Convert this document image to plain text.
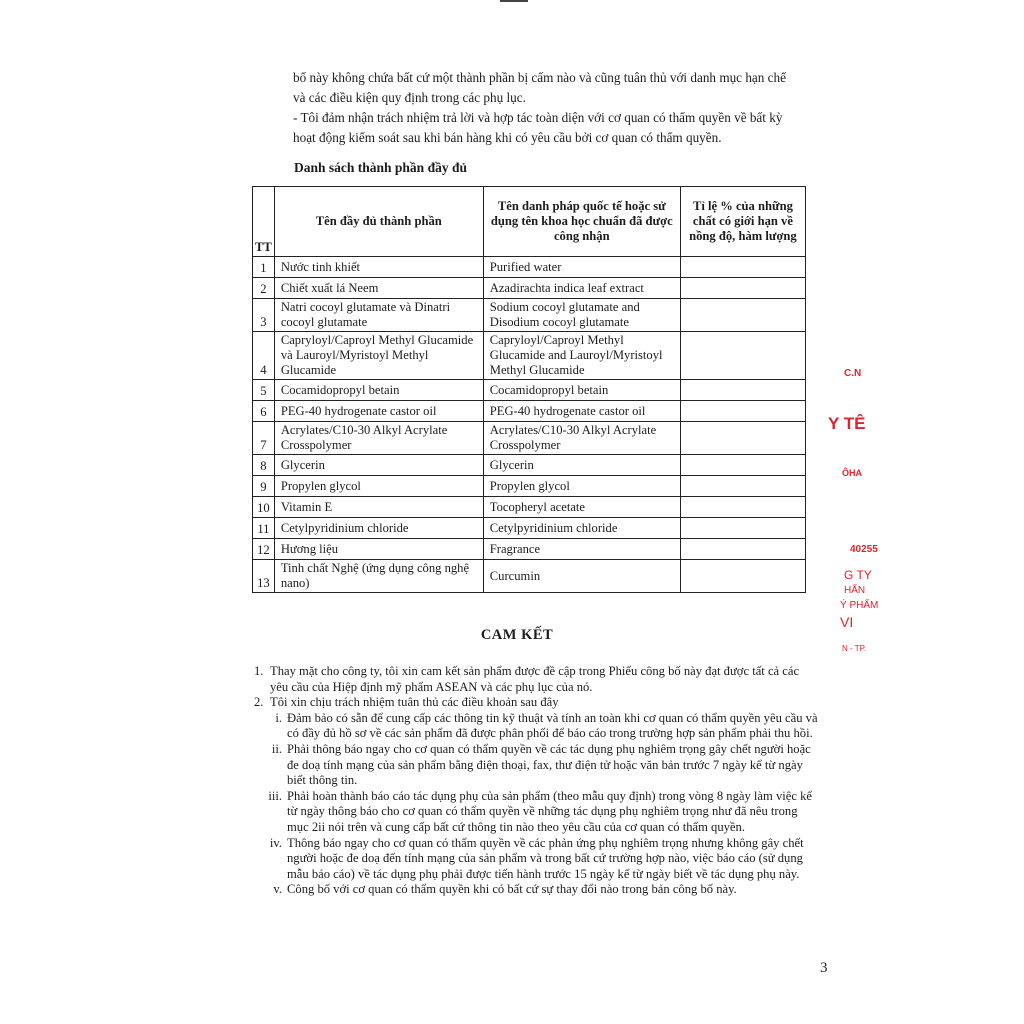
bố này không chứa bất cứ một thành phần bị cấm nào và cũng tuân thủ với danh mục hạn chế

và các điều kiện quy định trong các phụ lục.

- Tôi đảm nhận trách nhiệm trả lời và hợp tác toàn diện với cơ quan có thẩm quyền về bất kỳ

hoạt động kiểm soát sau khi bán hàng khi có yêu cầu bởi cơ quan có thẩm quyền.

Danh sách thành phần đầy đủ
TT	Tên đầy đủ thành phần	Tên danh pháp quốc tế hoặc sử dụng tên khoa học chuẩn đã được công nhận	Tỉ lệ % của những chất có giới hạn về nồng độ, hàm lượng
1	Nước tinh khiết	Purified water	
2	Chiết xuất lá Neem	Azadirachta indica leaf extract	
3	Natri cocoyl glutamate và Dinatri cocoyl glutamate	Sodium cocoyl glutamate and Disodium cocoyl glutamate	
4	Capryloyl/Caproyl Methyl Glucamide và Lauroyl/Myristoyl Methyl Glucamide	Capryloyl/Caproyl Methyl Glucamide and Lauroyl/Myristoyl Methyl Glucamide	
5	Cocamidopropyl betain	Cocamidopropyl betain	
6	PEG-40 hydrogenate castor oil	PEG-40 hydrogenate castor oil	
7	Acrylates/C10-30 Alkyl Acrylate Crosspolymer	Acrylates/C10-30 Alkyl Acrylate Crosspolymer	
8	Glycerin	Glycerin	
9	Propylen glycol	Propylen glycol	
10	Vitamin E	Tocopheryl acetate	
11	Cetylpyridinium chloride	Cetylpyridinium chloride	
12	Hương liệu	Fragrance	
13	Tinh chất Nghệ (ứng dụng công nghệ nano)	Curcumin	
CAM KẾT

1. Thay mặt cho công ty, tôi xin cam kết sản phẩm được đề cập trong Phiếu công bố này đạt được tất cả các yêu cầu của Hiệp định mỹ phẩm ASEAN và các phụ lục của nó.

2. Tôi xin chịu trách nhiệm tuân thủ các điều khoản sau đây

i. Đảm bảo có sẵn để cung cấp các thông tin kỹ thuật và tính an toàn khi cơ quan có thẩm quyền yêu cầu và có đầy đủ hồ sơ về các sản phẩm đã được phân phối để báo cáo trong trường hợp sản phẩm phải thu hồi.

ii. Phải thông báo ngay cho cơ quan có thẩm quyền về các tác dụng phụ nghiêm trọng gây chết người hoặc đe doạ tính mạng của sản phẩm bằng điện thoại, fax, thư điện tử hoặc văn bản trước 7 ngày kể từ ngày biết thông tin.

iii. Phải hoàn thành báo cáo tác dụng phụ của sản phẩm (theo mẫu quy định) trong vòng 8 ngày làm việc kể từ ngày thông báo cho cơ quan có thẩm quyền về những tác dụng phụ nghiêm trọng như đã nêu trong mục 2ii nói trên và cung cấp bất cứ thông tin nào theo yêu cầu của cơ quan có thẩm quyền.

iv. Thông báo ngay cho cơ quan có thẩm quyền về các phản ứng phụ nghiêm trọng nhưng không gây chết người hoặc đe doạ đến tính mạng của sản phẩm và trong bất cứ trường hợp nào, việc báo cáo (sử dụng mẫu báo cáo) về tác dụng phụ phải được tiến hành trước 15 ngày kể từ ngày biết về tác dụng phụ này.

v. Công bố với cơ quan có thẩm quyền khi có bất cứ sự thay đổi nào trong bản công bố này.

3
C.N
Y TÊ
ÔHA
40255
G TY
HẨN
Ý PHẨM
VI
N - TP.
